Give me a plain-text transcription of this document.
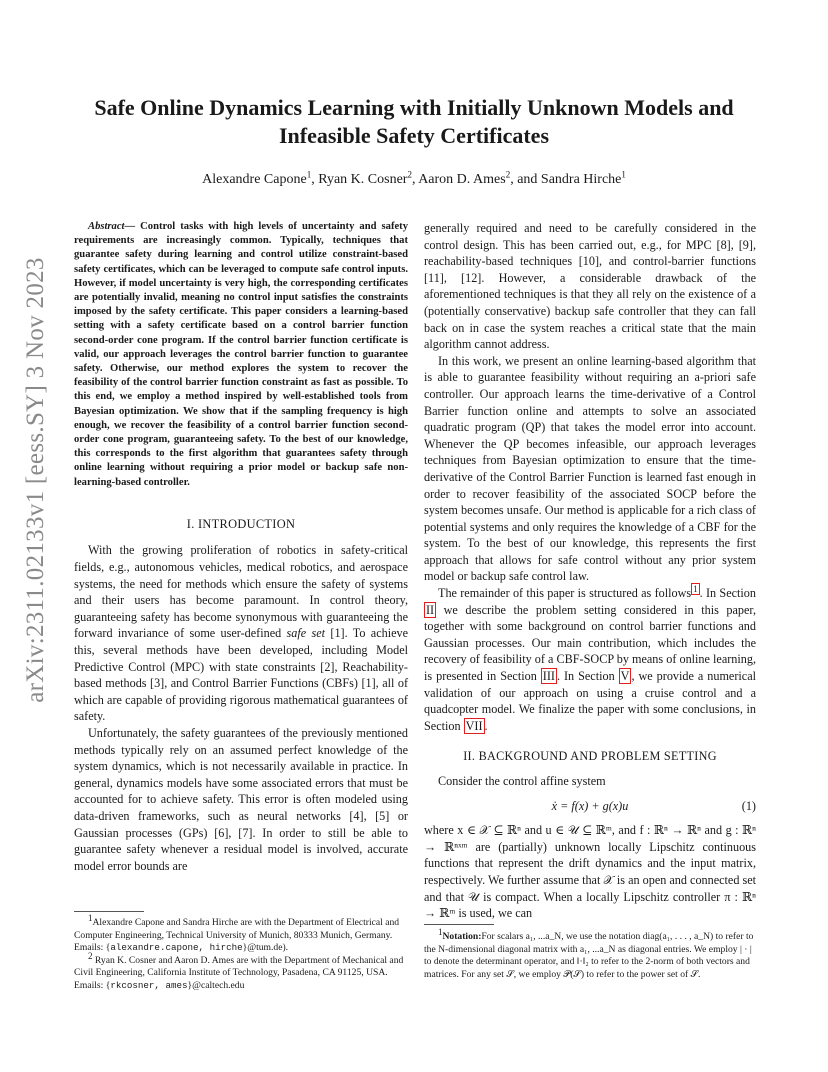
arXiv:2311.02133v1 [eess.SY] 3 Nov 2023
Safe Online Dynamics Learning with Initially Unknown Models and Infeasible Safety Certificates
Alexandre Capone$^1$, Ryan K. Cosner$^2$, Aaron D. Ames$^2$, and Sandra Hirche$^1$

Abstract— Control tasks with high levels of uncertainty and safety requirements are increasingly common. Typically, techniques that guarantee safety during learning and control utilize constraint-based safety certificates, which can be leveraged to compute safe control inputs. However, if model uncertainty is very high, the corresponding certificates are potentially invalid, meaning no control input satisfies the constraints imposed by the safety certificate. This paper considers a learning-based setting with a safety certificate based on a control barrier function second-order cone program. If the control barrier function certificate is valid, our approach leverages the control barrier function to guarantee safety. Otherwise, our method explores the system to recover the feasibility of the control barrier function constraint as fast as possible. To this end, we employ a method inspired by well-established tools from Bayesian optimization. We show that if the sampling frequency is high enough, we recover the feasibility of a control barrier function second-order cone program, guaranteeing safety. To the best of our knowledge, this corresponds to the first algorithm that guarantees safety through online learning without requiring a prior model or backup safe non-learning-based controller.

I. INTRODUCTION

With the growing proliferation of robotics in safety-critical fields, e.g., autonomous vehicles, medical robotics, and aerospace systems, the need for methods which ensure the safety of systems and their users has become paramount. In control theory, guaranteeing safety has become synonymous with guaranteeing the forward invariance of some user-defined safe set [1]. To achieve this, several methods have been developed, including Model Predictive Control (MPC) with state constraints [2], Reachability-based methods [3], and Control Barrier Functions (CBFs) [1], all of which are capable of providing rigorous mathematical guarantees of safety.

Unfortunately, the safety guarantees of the previously mentioned methods typically rely on an assumed perfect knowledge of the system dynamics, which is not necessarily available in practice. In general, dynamics models have some associated errors that must be accounted for to achieve safety. This error is often modeled using data-driven frameworks, such as neural networks [4], [5] or Gaussian processes (GPs) [6], [7]. In order to still be able to guarantee safety whenever a residual model is involved, accurate model error bounds are

generally required and need to be carefully considered in the control design. This has been carried out, e.g., for MPC [8], [9], reachability-based techniques [10], and control-barrier functions [11], [12]. However, a considerable drawback of the aforementioned techniques is that they all rely on the existence of a (potentially conservative) backup safe controller that they can fall back on in case the system reaches a critical state that the main algorithm cannot address.

In this work, we present an online learning-based algorithm that is able to guarantee feasibility without requiring an a-priori safe controller. Our approach learns the time-derivative of a Control Barrier function online and attempts to solve an associated quadratic program (QP) that takes the model error into account. Whenever the QP becomes infeasible, our approach leverages techniques from Bayesian optimization to ensure that the time-derivative of the Control Barrier Function is learned fast enough in order to recover feasibility of the associated SOCP before the system becomes unsafe. Our method is applicable for a rich class of potential systems and only requires the knowledge of a CBF for the system. To the best of our knowledge, this represents the first approach that allows for safe control without any prior system model or backup safe control law.

The remainder of this paper is structured as follows $^1$ . In Section II we describe the problem setting considered in this paper, together with some background on control barrier functions and Gaussian processes. Our main contribution, which includes the recovery of feasibility of a CBF-SOCP by means of online learning, is presented in Section III . In Section V , we provide a numerical validation of our approach on using a cruise control and a quadcopter model. We finalize the paper with some conclusions, in Section VII .

II. BACKGROUND AND PROBLEM SETTING

Consider the control affine system

ẋ = f(x) + g(x)u	(1)

where x ∈ 𝒳 ⊆ ℝⁿ and u ∈ 𝒰 ⊆ ℝᵐ, and f : ℝⁿ → ℝⁿ and g : ℝⁿ → ℝⁿˣᵐ are (partially) unknown locally Lipschitz continuous functions that represent the drift dynamics and the input matrix, respectively. We further assume that 𝒳 is an open and connected set and that 𝒰 is compact. When a locally Lipschitz controller π : ℝⁿ → ℝᵐ is used, we can

$^1$Alexandre Capone and Sandra Hirche are with the Department of Electrical and Computer Engineering, Technical University of Munich, 80333 Munich, Germany. Emails: {alexandre.capone, hirche}@tum.de).

$^2$ Ryan K. Cosner and Aaron D. Ames are with the Department of Mechanical and Civil Engineering, California Institute of Technology, Pasadena, CA 91125, USA. Emails: {rkcosner, ames}@caltech.edu

$^1$Notation:For scalars a₁, ...a_N, we use the notation diag(a₁, . . . , a_N) to refer to the N-dimensional diagonal matrix with a₁, ...a_N as diagonal entries. We employ | · | to denote the determinant operator, and ‖·‖₂ to refer to the 2-norm of both vectors and matrices. For any set 𝒮, we employ 𝒫(𝒮) to refer to the power set of 𝒮.
